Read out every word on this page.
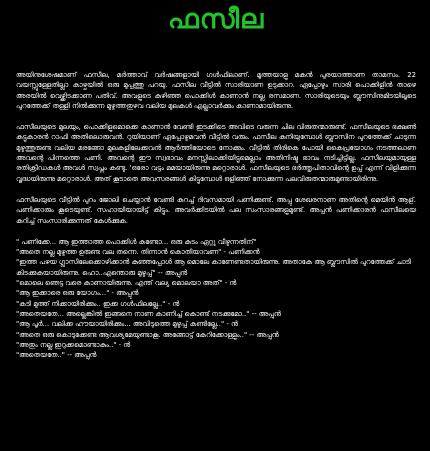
ഫസീല

അയിനുശേഷമാണ് ഫസീല, മർത്താവ് വർഷങ്ങളായി ഗൾഫിലാണ്. മൂത്തയാളു മകൻ പുരയാത്താണ താമസം. 22 വയസ്സുള്ളേതില്ലാ കാഴ്ചയിൽ ഒരു മുപ്പത്തു പറയു. ഫസീല വീട്ടിൽ സാരിയാണ ഉടുക്കാറ. ഏപ്പോഴും സാരി പൊക്കിളിൻ താഴെ അരയിൽ വെഴ്ക്കിടക്കാണ പതിവ്. അവളുടെ കുഴിഞ്ഞ പൊക്കിൾ കാണാൻ നല്ല രസമാണ. സാരിയുടെയും ബ്ലൗസിനുമിടയിലൂടെ പുറത്തേക്ക് തള്ളി നിൽക്കുന്ന മുഴുത്തതുഴവ വലിയ മുലകൾ എല്ലാവർക്കും കാണാമായിരുന്നു.

ഫസീലയുടെ മുലയും, പൊക്കിളുമൊക്കെ കാണാൻ വേണ്ടി ഇടക്കിടെ അവിടെ വരുന്ന ചില വിരുതന്മാരുണ്ട്. ഫസീലയുടെ ഭക്ഷൺ കുട്ടുകാരൻ റാഫി അതിലൊരുവൻ. റുയിയാണ് ഏപ്പോഴുമവൻ വീട്ടിൽ വരും. ഫസീല കുനിയുമ്പോൾ ബ്ലൗസിന പുറത്തേക്ക് ചാടുന്ന മുഴുത്തുരുണ്ട വലിയ മരങ്ങോ മുലകളിലേക്കവൻ ആർത്തിയോടെ നോക്കും. വീട്ടിൽ തിരികെ പോയി കൈപ്രയോഗം നടത്തലാണ അവന്റെ പിന്നത്തെ പണി. അവന്റെ ഈ സ്വഭാവം മനസ്സിലാക്കിയിട്ടുമെല്ലാം അതിനിഷ്ട ഭാവം നടിച്ചിട്ടില്ല. ഫസീലയുമായുള്ള രതിക്രീഡകൾ അവൾ സ്വപ്നം കണ്ടു. 'ഒരോ വട്ടം മമയായിരുന്നു മറ്റൊരാൾ. ഫസീലയുടെ ഭർത്തൃപിതാവിന്റെ ഉപ്പ് എന്ന് വിളിക്കുന്ന വൃദ്ധയിരുന്നു മറ്റൊരാൾ. അത് കൂടാതെ അവസരങ്ങൾ കിട്ടുമ്പോൾ ഒളിഞ്ഞ് നോക്കുന്ന പലവിരുതന്മാരുമുണ്ടായിരിന്നു.

ഫസീലയുടെ വീട്ടിൽ പുറം ജോലി ചെയ്യാൻ വേണ്ടി കുറച്ച് ദിവസമായി പണിക്കുണ്ട്. അപ്പു ശേഖരനാണ അതിന്റെ മെയിൻ ആള്. പണിക്കാരും കൂടെയുണ്ട്. സഹായിയായിട്ട് കിട്ടും. അവർക്കിടയിൽ പല സംസാരങ്ങളുമുണ്ട്. അപ്പൻ പണിക്കാരൻ ഫസീലയെ കുറിച്ച് സംസാരിക്കുന്നത് കേൾക്കുക.

" പണിക്കേ... ആ ഇത്താത്ത പൊക്കിൾ കണ്ടോ... ഒരു കുടം ഏറ്റു വീഴുന്നതിന്"

"അതെ നല്ല മുഴുത്ത ഉരുണ്ട വല തന്നെ. തിന്നാൻ കൊതിയാവണ" - പണിക്കൻ

"ഇത്ത പഴയ ഗ്ലാസിലേക്കൊഴിക്കാൻ കുഞ്ഞപ്പോൾ ആ മൊലേ കാണേണ്ടതായിരുന്നു. അതാകേ ആ ബ്ലൗസിൽ പുറത്തേക്ക് ചാടി കിടക്കുകയായിരുന്നു. ഹൊ..എന്തൊരു മുഴുപ്പ്" -- അപ്പുൻ

"മൊലെ ഞെട്ട വരെ കാണായിരുന്നു. എന്ത് വല്യ മൊലയാ അത്" - ൻ

"ആ ഇക്കാരെ ഒരു യോഗം..." - അപ്പുൻ

"കടി മുത്ത് നിക്കായിരിക്കും.. ഇക്ക ഗൾഫിലല്ലേ.." - ൻ

"അതെയതേ... അല്ലെങ്കിൽ ഇങ്ങനെ നാണ കാണിച്ച് കൊണ്ട് നടക്കുമോ.." -- അപ്പുൻ

"ആ പൂർ... വലിക്ക ഹൗയായിരിക്കും... അവിടുത്തെ മുഴുപ്പ് കണ്ടില്ലേ.." - ൻ

"അതെ ഒരു കൊടുക്കേണ്ട ആവശ്യമേയുണ്ടാകൂ. അങ്ങോട്ട് കേറിക്കോള്ളും.." -- അപ്പുൻ

"അതും നല്ല ഇറുക്കമൊണ്ടാകും.." - ൻ

"അതെയതേ.." -- അപ്പുൻ
